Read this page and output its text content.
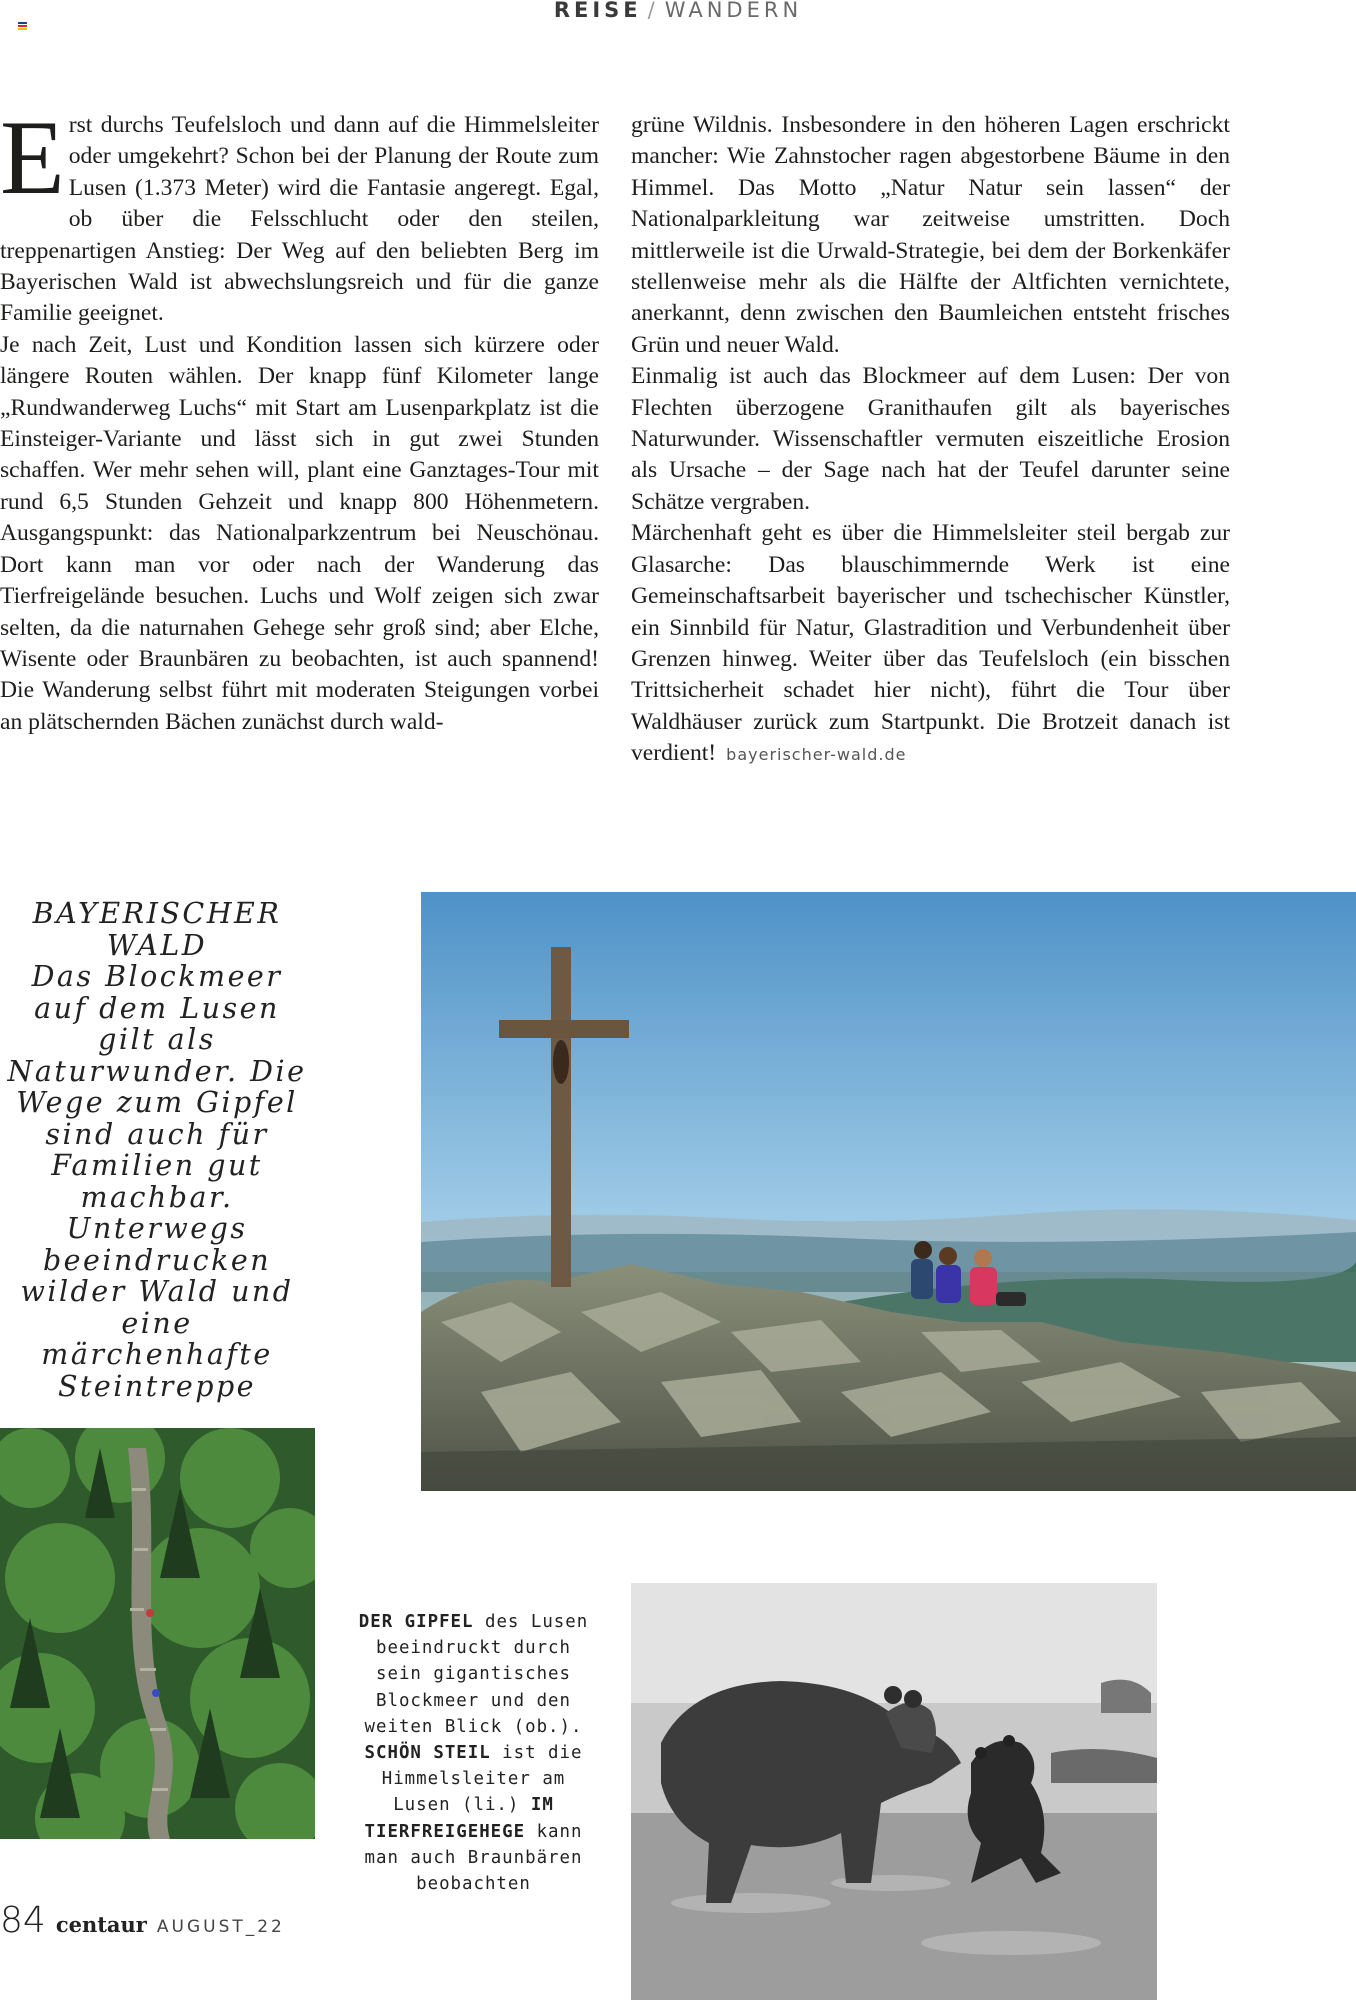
REISE / WANDERN

Erst durchs Teufelsloch und dann auf die Himmelsleiter oder umgekehrt? Schon bei der Planung der Route zum Lusen (1.373 Meter) wird die Fantasie angeregt. Egal, ob über die Felsschlucht oder den steilen, treppenartigen Anstieg: Der Weg auf den beliebten Berg im Bayerischen Wald ist abwechslungsreich und für die ganze Familie geeignet.

Je nach Zeit, Lust und Kondition lassen sich kürzere oder längere Routen wählen. Der knapp fünf Kilometer lange „Rundwanderweg Luchs“ mit Start am Lusenparkplatz ist die Einsteiger-Variante und lässt sich in gut zwei Stunden schaffen. Wer mehr sehen will, plant eine Ganztages-Tour mit rund 6,5 Stunden Gehzeit und knapp 800 Höhenmetern. Ausgangspunkt: das Nationalparkzentrum bei Neuschönau. Dort kann man vor oder nach der Wanderung das Tierfreigelände besuchen. Luchs und Wolf zeigen sich zwar selten, da die naturnahen Gehege sehr groß sind; aber Elche, Wisente oder Braunbären zu beobachten, ist auch spannend! Die Wanderung selbst führt mit moderaten Steigungen vorbei an plätschernden Bächen zunächst durch wald-

grüne Wildnis. Insbesondere in den höheren Lagen erschrickt mancher: Wie Zahnstocher ragen abgestorbene Bäume in den Himmel. Das Motto „Natur Natur sein lassen“ der Nationalparkleitung war zeitweise umstritten. Doch mittlerweile ist die Urwald-Strategie, bei dem der Borkenkäfer stellenweise mehr als die Hälfte der Altfichten vernichtete, anerkannt, denn zwischen den Baumleichen entsteht frisches Grün und neuer Wald.

Einmalig ist auch das Blockmeer auf dem Lusen: Der von Flechten überzogene Granithaufen gilt als bayerisches Naturwunder. Wissenschaftler vermuten eiszeitliche Erosion als Ursache – der Sage nach hat der Teufel darunter seine Schätze vergraben.

Märchenhaft geht es über die Himmelsleiter steil bergab zur Glasarche: Das blauschimmernde Werk ist eine Gemeinschaftsarbeit bayerischer und tschechischer Künstler, ein Sinnbild für Natur, Glastradition und Verbundenheit über Grenzen hinweg. Weiter über das Teufelsloch (ein bisschen Trittsicherheit schadet hier nicht), führt die Tour über Waldhäuser zurück zum Startpunkt. Die Brotzeit danach ist verdient! bayerischer-wald.de

BAYERISCHER WALD
Das Blockmeer auf dem Lusen gilt als Naturwunder. Die Wege zum Gipfel sind auch für Familien gut machbar. Unterwegs beeindrucken wilder Wald und eine märchenhafte Steintreppe
DER GIPFEL des Lusen beeindruckt durch sein gigantisches Blockmeer und den weiten Blick (ob.). SCHÖN STEIL ist die Himmelsleiter am Lusen (li.) IM TIERFREIGEHEGE kann man auch Braunbären beobachten
84 centaur AUGUST_22
